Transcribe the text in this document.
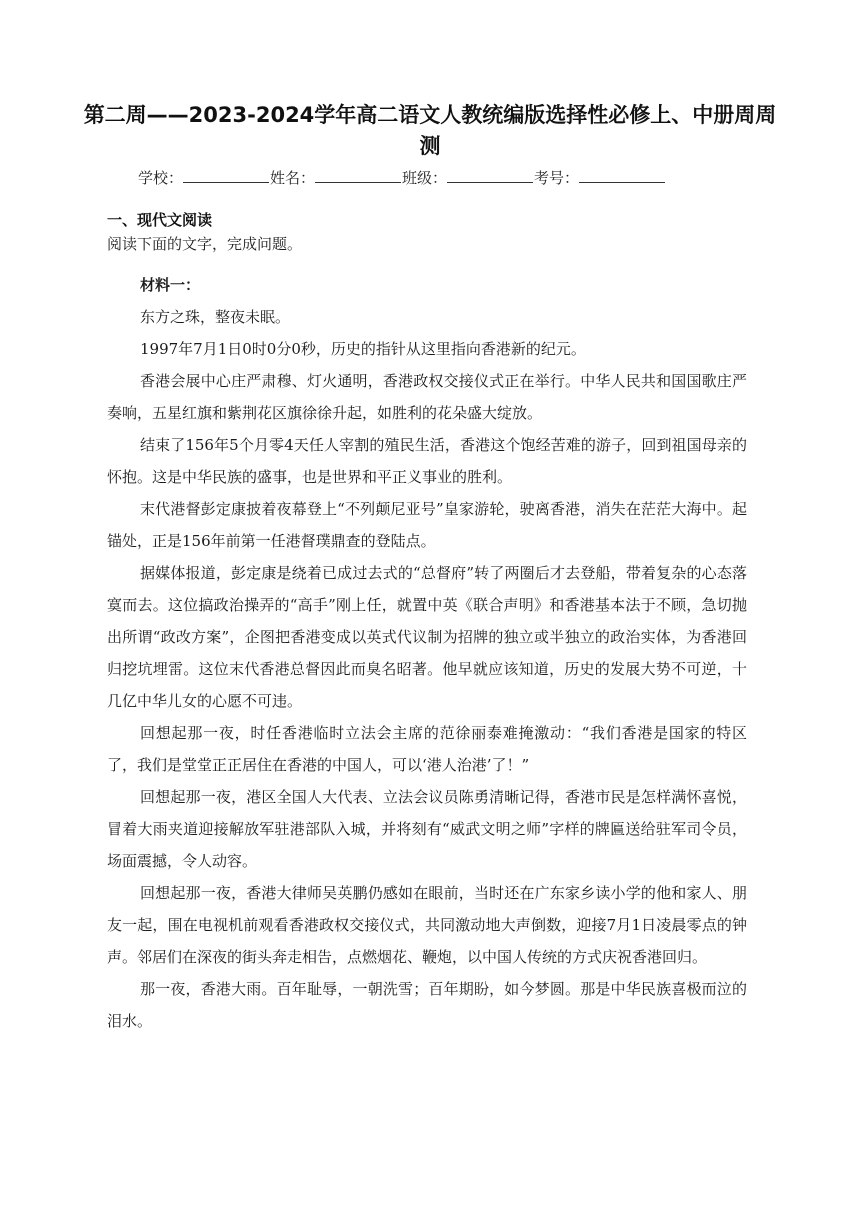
第二周——2023-2024学年高二语文人教统编版选择性必修上、中册周周测
学校：	姓名：	班级：	考号：
一、现代文阅读
阅读下面的文字，完成问题。
材料一：

东方之珠，整夜未眠。

1997年7月1日0时0分0秒，历史的指针从这里指向香港新的纪元。

香港会展中心庄严肃穆、灯火通明，香港政权交接仪式正在举行。中华人民共和国国歌庄严奏响，五星红旗和紫荆花区旗徐徐升起，如胜利的花朵盛大绽放。

结束了156年5个月零4天任人宰割的殖民生活，香港这个饱经苦难的游子，回到祖国母亲的怀抱。这是中华民族的盛事，也是世界和平正义事业的胜利。

末代港督彭定康披着夜幕登上“不列颠尼亚号”皇家游轮，驶离香港，消失在茫茫大海中。起锚处，正是156年前第一任港督璞鼎查的登陆点。

据媒体报道，彭定康是绕着已成过去式的“总督府”转了两圈后才去登船，带着复杂的心态落寞而去。这位搞政治操弄的“高手”刚上任，就置中英《联合声明》和香港基本法于不顾，急切抛出所谓“政改方案”，企图把香港变成以英式代议制为招牌的独立或半独立的政治实体，为香港回归挖坑埋雷。这位末代香港总督因此而臭名昭著。他早就应该知道，历史的发展大势不可逆，十几亿中华儿女的心愿不可违。

回想起那一夜，时任香港临时立法会主席的范徐丽泰难掩激动：“我们香港是国家的特区了，我们是堂堂正正居住在香港的中国人，可以‘港人治港’了！”

回想起那一夜，港区全国人大代表、立法会议员陈勇清晰记得，香港市民是怎样满怀喜悦，冒着大雨夹道迎接解放军驻港部队入城，并将刻有“威武文明之师”字样的牌匾送给驻军司令员，场面震撼，令人动容。

回想起那一夜，香港大律师吴英鹏仍感如在眼前，当时还在广东家乡读小学的他和家人、朋友一起，围在电视机前观看香港政权交接仪式，共同激动地大声倒数，迎接7月1日凌晨零点的钟声。邻居们在深夜的街头奔走相告，点燃烟花、鞭炮，以中国人传统的方式庆祝香港回归。

那一夜，香港大雨。百年耻辱，一朝洗雪；百年期盼，如今梦圆。那是中华民族喜极而泣的泪水。
